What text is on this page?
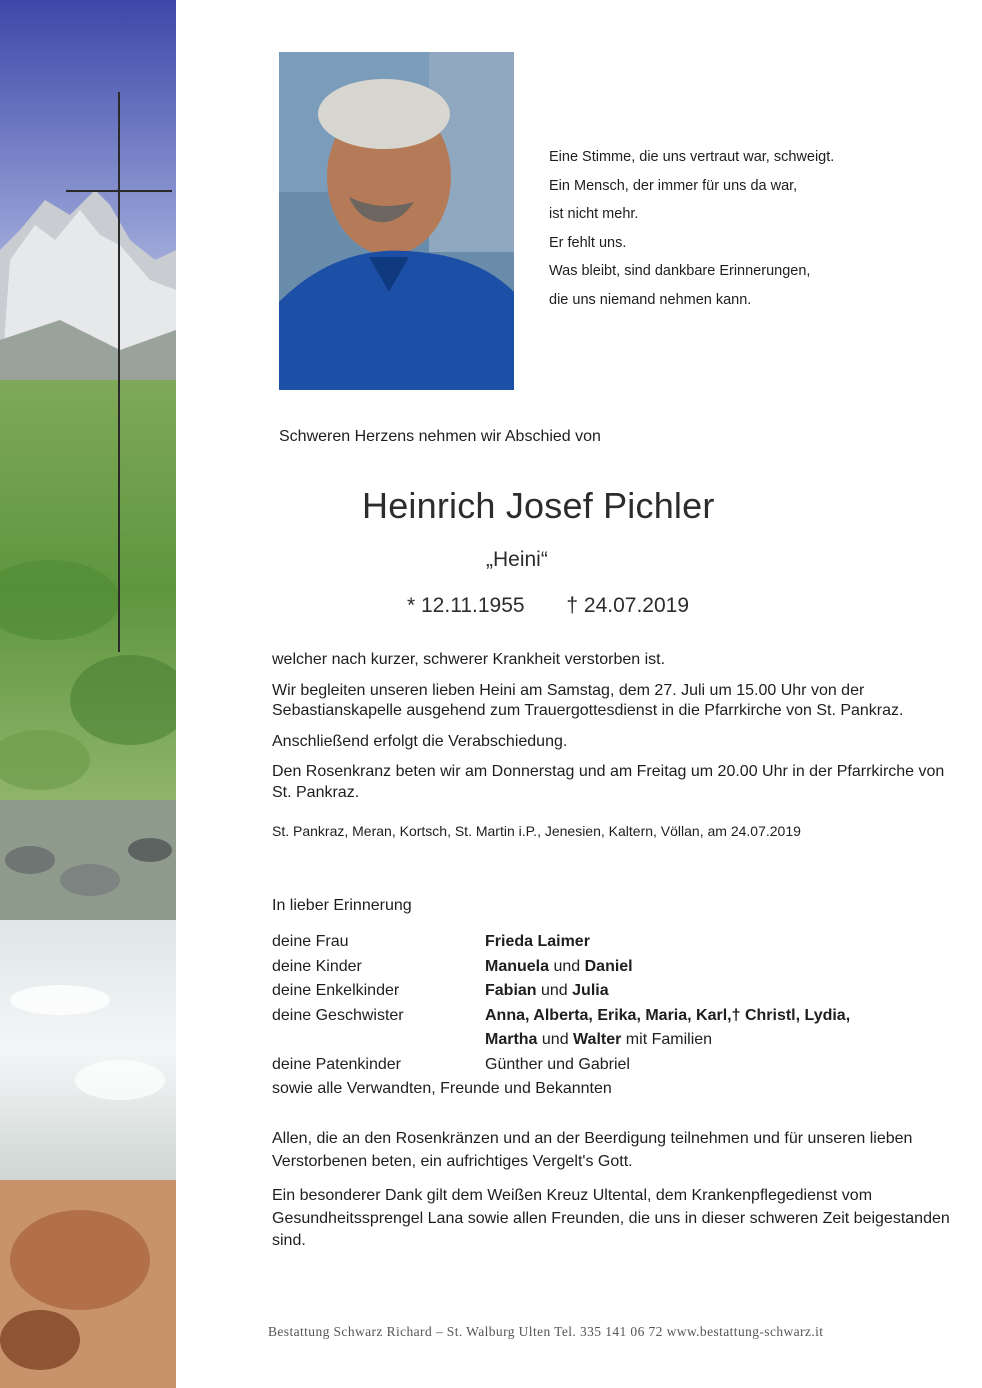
Eine Stimme, die uns vertraut war, schweigt.
Ein Mensch, der immer für uns da war,
ist nicht mehr.
Er fehlt uns.
Was bleibt, sind dankbare Erinnerungen,
die uns niemand nehmen kann.
Schweren Herzens nehmen wir Abschied von
Heinrich Josef Pichler
„Heini“
* 12.11.1955 † 24.07.2019

welcher nach kurzer, schwerer Krankheit verstorben ist.

Wir begleiten unseren lieben Heini am Samstag, dem 27. Juli um 15.00 Uhr von der Sebastianskapelle ausgehend zum Trauergottesdienst in die Pfarrkirche von St. Pankraz.

Anschließend erfolgt die Verabschiedung.

Den Rosenkranz beten wir am Donnerstag und am Freitag um 20.00 Uhr in der Pfarrkirche von St. Pankraz.

St. Pankraz, Meran, Kortsch, St. Martin i.P., Jenesien, Kaltern, Völlan, am 24.07.2019

In lieber Erinnerung
deine Frau	Frieda Laimer
deine Kinder	Manuela und Daniel
deine Enkelkinder	Fabian und Julia
deine Geschwister	Anna, Alberta, Erika, Maria, Karl,† Christl, Lydia,
Martha und Walter mit Familien
deine Patenkinder	Günther und Gabriel
sowie alle Verwandten, Freunde und Bekannten

Allen, die an den Rosenkränzen und an der Beerdigung teilnehmen und für unseren lieben Verstorbenen beten, ein aufrichtiges Vergelt's Gott.

Ein besonderer Dank gilt dem Weißen Kreuz Ultental, dem Krankenpflegedienst vom Gesundheitssprengel Lana sowie allen Freunden, die uns in dieser schweren Zeit beigestanden sind.

Bestattung Schwarz Richard – St. Walburg Ulten Tel. 335 141 06 72 www.bestattung-schwarz.it
